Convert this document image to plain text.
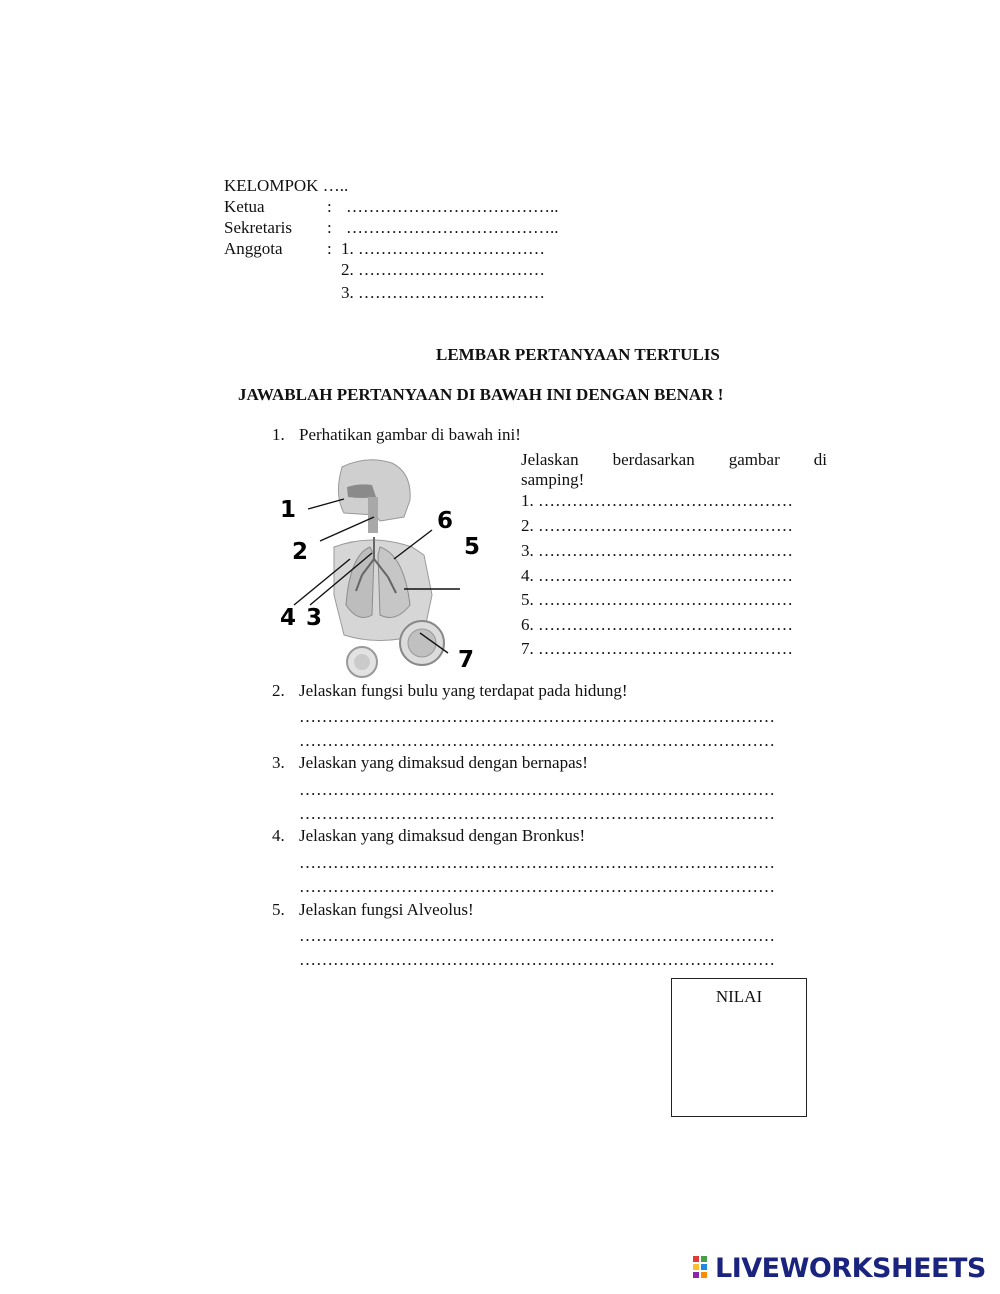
KELOMPOK …..
Ketua	: ………………………………..
Sekretaris : ………………………………..
Anggota	: 1. ……………………………
2. ……………………………
3. ……………………………
LEMBAR PERTANYAAN TERTULIS
JAWABLAH PERTANYAAN DI BAWAH INI DENGAN BENAR !
1. Perhatikan gambar di bawah ini!
Jelaskan berdasarkan gambar di
samping!
1. ………………………………………
2. ………………………………………
3. ………………………………………
4. ………………………………………
5. ………………………………………
6. ………………………………………
7. ………………………………………
1
2
3
4
5
6
7
2. Jelaskan fungsi bulu yang terdapat pada hidung!
…………………………………………………………………………
…………………………………………………………………………
3. Jelaskan yang dimaksud dengan bernapas!
…………………………………………………………………………
…………………………………………………………………………
4. Jelaskan yang dimaksud dengan Bronkus!
…………………………………………………………………………
…………………………………………………………………………
5. Jelaskan fungsi Alveolus!
…………………………………………………………………………
…………………………………………………………………………
NILAI
LIVEWORKSHEETS
